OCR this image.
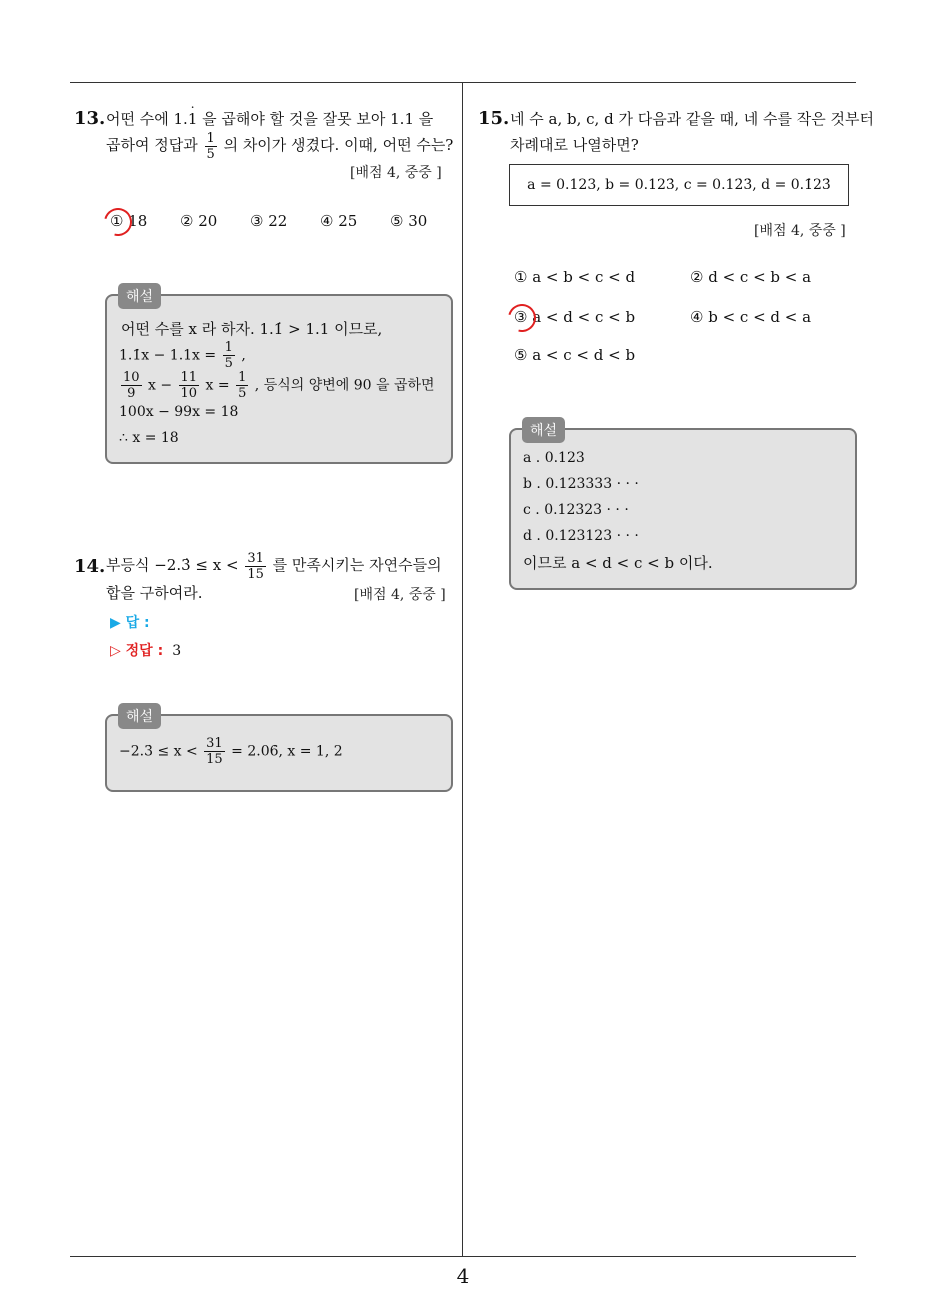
4
13. 어떤 수에 1.1 ˙ 을 곱해야 할 것을 잘못 보아 1.1 을
곱하여 정답과 $\frac{1}{5}$ 의 차이가 생겼다. 이때, 어떤 수는?
[배점 4, 중중 ]
① 18 ② 20 ③ 22 ④ 25 ⑤ 30
어떤 수를 x 라 하자. 1.1̇ > 1.1 이므로,
1.1̇x − $1.1x = \frac{1}{5}$ ,
$\frac{10}{9}$ $x - \frac{11}{10}$ $x = \frac{1}{5}$ , 등식의 양변에 90 을 곱하면
100x − 99x = 18
∴ x = 18
해설
14. 부등식 −2.3̇ ≤ $x < \frac{31}{15}$ 를 만족시키는 자연수들의
합을 구하여라.	[배점 4, 중중 ]
▶ 답 :
▷ 정답 : 3
−2.3̇ ≤ $x < \frac{31}{15}$ = 2.06̇, x = 1, 2
해설
15. 네 수 a, b, c, d 가 다음과 같을 때, 네 수를 작은 것부터
차례대로 나열하면?
a = 0.123, b = 0.123̇, c = 0.12̇3̇, d = 0.1̇23̇
[배점 4, 중중 ]
① a < b < c < d	② d < c < b < a
③ a < d < c < b	④ b < c < d < a
⑤ a < c < d < b
a . 0.123
b . 0.123333 · · ·
c . 0.12323 · · ·
d . 0.123123 · · ·
이므로 a < d < c < b 이다.
해설
